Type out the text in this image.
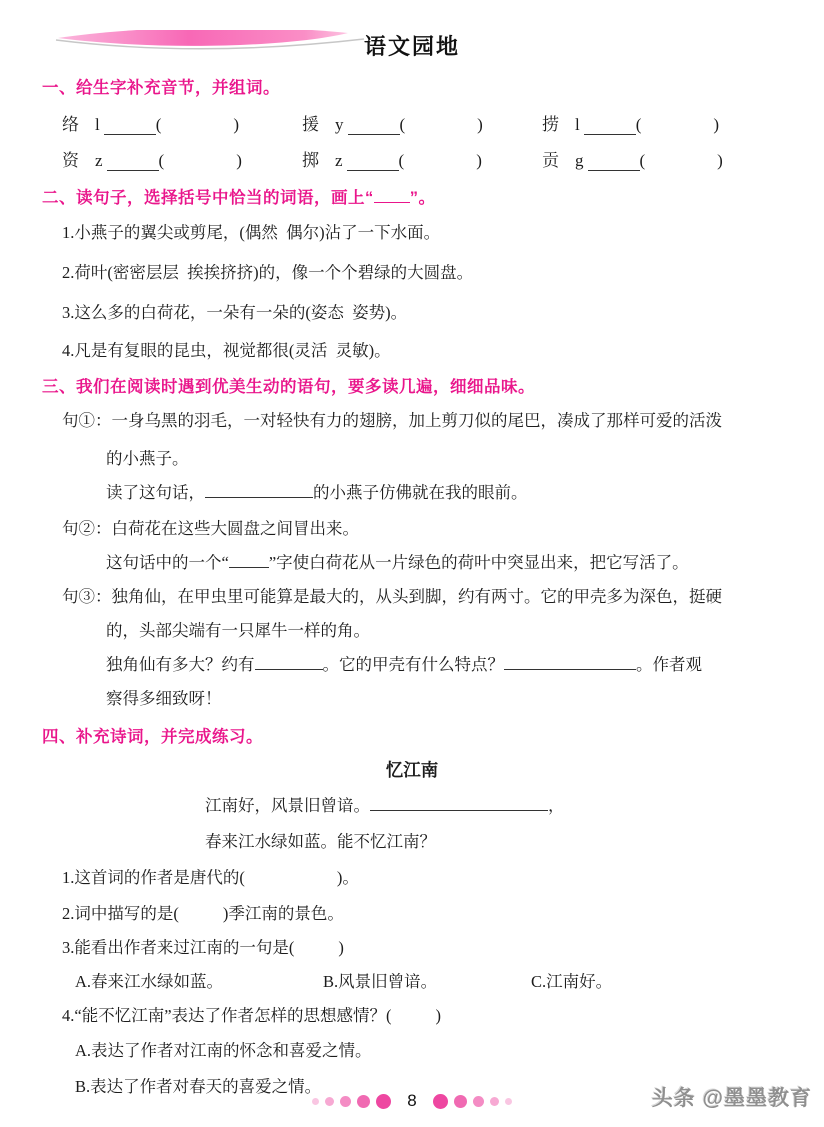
语文园地
一、给生字补充音节，并组词。
络 l	(	)	援 y	(	)	捞 l	(	)
资 z	(	)	掷 z	(	)	贡 g	(	)
二、读句子，选择括号中恰当的词语，画上“ ”。
1.小燕子的翼尖或剪尾，(偶然  偶尔)沾了一下水面。
2.荷叶(密密层层  挨挨挤挤)的，像一个个碧绿的大圆盘。
3.这么多的白荷花，一朵有一朵的(姿态  姿势)。
4.凡是有复眼的昆虫，视觉都很(灵活  灵敏)。
三、我们在阅读时遇到优美生动的语句，要多读几遍，细细品味。
句①：一身乌黑的羽毛，一对轻快有力的翅膀，加上剪刀似的尾巴，凑成了那样可爱的活泼
的小燕子。
读了这句话，	的小燕子仿佛就在我的眼前。
句②：白荷花在这些大圆盘之间冒出来。
这句话中的一个“ ”字使白荷花从一片绿色的荷叶中突显出来，把它写活了。
句③：独角仙，在甲虫里可能算是最大的，从头到脚，约有两寸。它的甲壳多为深色，挺硬
的，头部尖端有一只犀牛一样的角。
独角仙有多大？约有	。它的甲壳有什么特点？	。作者观
察得多细致呀！
四、补充诗词，并完成练习。
忆江南
江南好，风景旧曾谙。	，
春来江水绿如蓝。能不忆江南？
1.这首词的作者是唐代的(	)。
2.词中描写的是(	)季江南的景色。
3.能看出作者来过江南的一句是(	)
A.春来江水绿如蓝。	B.风景旧曾谙。	C.江南好。
4.“能不忆江南”表达了作者怎样的思想感情？(	)
A.表达了作者对江南的怀念和喜爱之情。
B.表达了作者对春天的喜爱之情。
8	头条 @墨墨教育
